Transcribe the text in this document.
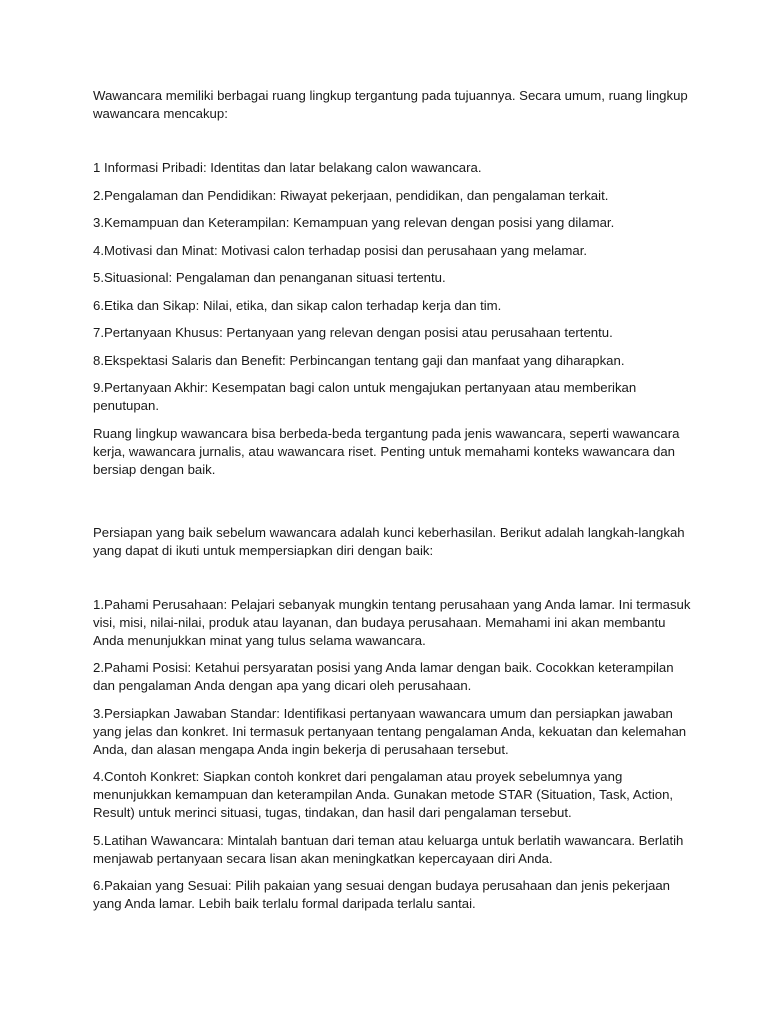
Wawancara memiliki berbagai ruang lingkup tergantung pada tujuannya. Secara umum, ruang lingkup wawancara mencakup:

1 Informasi Pribadi: Identitas dan latar belakang calon wawancara.

2.Pengalaman dan Pendidikan: Riwayat pekerjaan, pendidikan, dan pengalaman terkait.

3.Kemampuan dan Keterampilan: Kemampuan yang relevan dengan posisi yang dilamar.

4.Motivasi dan Minat: Motivasi calon terhadap posisi dan perusahaan yang melamar.

5.Situasional: Pengalaman dan penanganan situasi tertentu.

6.Etika dan Sikap: Nilai, etika, dan sikap calon terhadap kerja dan tim.

7.Pertanyaan Khusus: Pertanyaan yang relevan dengan posisi atau perusahaan tertentu.

8.Ekspektasi Salaris dan Benefit: Perbincangan tentang gaji dan manfaat yang diharapkan.

9.Pertanyaan Akhir: Kesempatan bagi calon untuk mengajukan pertanyaan atau memberikan penutupan.

Ruang lingkup wawancara bisa berbeda-beda tergantung pada jenis wawancara, seperti wawancara kerja, wawancara jurnalis, atau wawancara riset. Penting untuk memahami konteks wawancara dan bersiap dengan baik.

Persiapan yang baik sebelum wawancara adalah kunci keberhasilan. Berikut adalah langkah-langkah yang dapat di ikuti untuk mempersiapkan diri dengan baik:

1.Pahami Perusahaan: Pelajari sebanyak mungkin tentang perusahaan yang Anda lamar. Ini termasuk visi, misi, nilai-nilai, produk atau layanan, dan budaya perusahaan. Memahami ini akan membantu Anda menunjukkan minat yang tulus selama wawancara.

2.Pahami Posisi: Ketahui persyaratan posisi yang Anda lamar dengan baik. Cocokkan keterampilan dan pengalaman Anda dengan apa yang dicari oleh perusahaan.

3.Persiapkan Jawaban Standar: Identifikasi pertanyaan wawancara umum dan persiapkan jawaban yang jelas dan konkret. Ini termasuk pertanyaan tentang pengalaman Anda, kekuatan dan kelemahan Anda, dan alasan mengapa Anda ingin bekerja di perusahaan tersebut.

4.Contoh Konkret: Siapkan contoh konkret dari pengalaman atau proyek sebelumnya yang menunjukkan kemampuan dan keterampilan Anda. Gunakan metode STAR (Situation, Task, Action, Result) untuk merinci situasi, tugas, tindakan, dan hasil dari pengalaman tersebut.

5.Latihan Wawancara: Mintalah bantuan dari teman atau keluarga untuk berlatih wawancara. Berlatih menjawab pertanyaan secara lisan akan meningkatkan kepercayaan diri Anda.

6.Pakaian yang Sesuai: Pilih pakaian yang sesuai dengan budaya perusahaan dan jenis pekerjaan yang Anda lamar. Lebih baik terlalu formal daripada terlalu santai.
